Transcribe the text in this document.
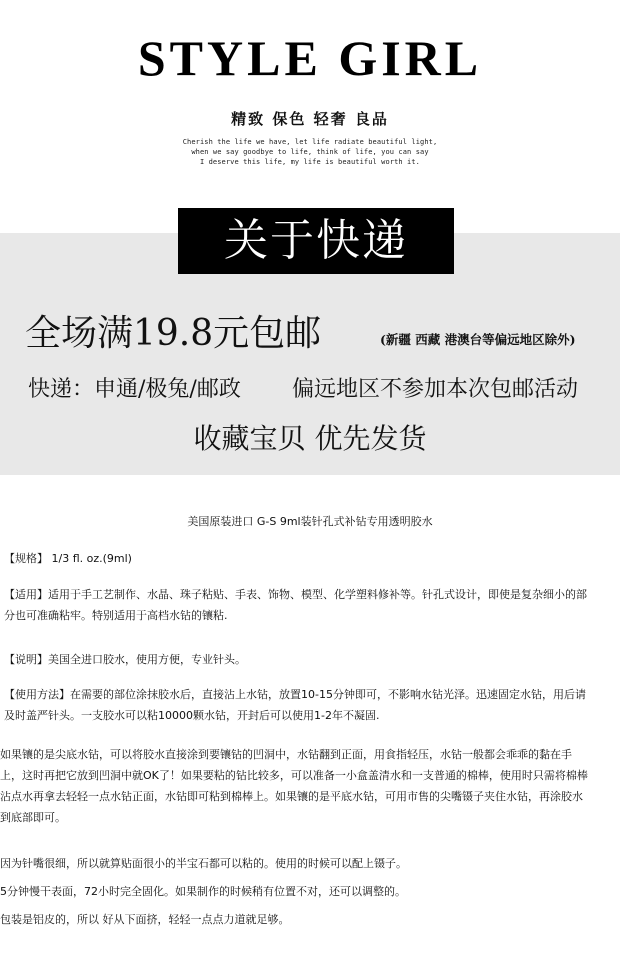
STYLE GIRL
精致 保色 轻奢 良品
Cherish the life we have, let life radiate beautiful light,
when we say goodbye to life, think of life, you can say
I deserve this life, my life is beautiful worth it.
关于快递
全场满19.8元包邮	(新疆 西藏 港澳台等偏远地区除外)
快递：申通/极兔/邮政 偏远地区不参加本次包邮活动
收藏宝贝 优先发货
美国原装进口 G-S 9ml装针孔式补钻专用透明胶水
【规格】 1/3 fl. oz.(9ml)
【适用】适用于手工艺制作、水晶、珠子粘贴、手表、饰物、模型、化学塑料修补等。针孔式设计，即使是复杂细小的部
分也可准确粘牢。特别适用于高档水钻的镶粘.
【说明】美国全进口胶水，使用方便，专业针头。
【使用方法】在需要的部位涂抹胶水后，直接沾上水钻，放置10-15分钟即可，不影响水钻光泽。迅速固定水钻，用后请
及时盖严针头。一支胶水可以粘10000颗水钻，开封后可以使用1-2年不凝固.
如果镶的是尖底水钻，可以将胶水直接涂到要镶钻的凹洞中，水钻翻到正面，用食指轻压，水钻一般都会乖乖的黏在手
上，这时再把它放到凹洞中就OK了！如果要粘的钻比较多，可以准备一小盒盖清水和一支普通的棉棒，使用时只需将棉棒
沾点水再拿去轻轻一点水钻正面，水钻即可粘到棉棒上。如果镶的是平底水钻，可用市售的尖嘴镊子夹住水钻，再涂胶水
到底部即可。
因为针嘴很细，所以就算贴面很小的半宝石都可以粘的。使用的时候可以配上镊子。
5分钟慢干表面，72小时完全固化。如果制作的时候稍有位置不对，还可以调整的。
包装是铝皮的，所以 好从下面挤，轻轻一点点力道就足够。
